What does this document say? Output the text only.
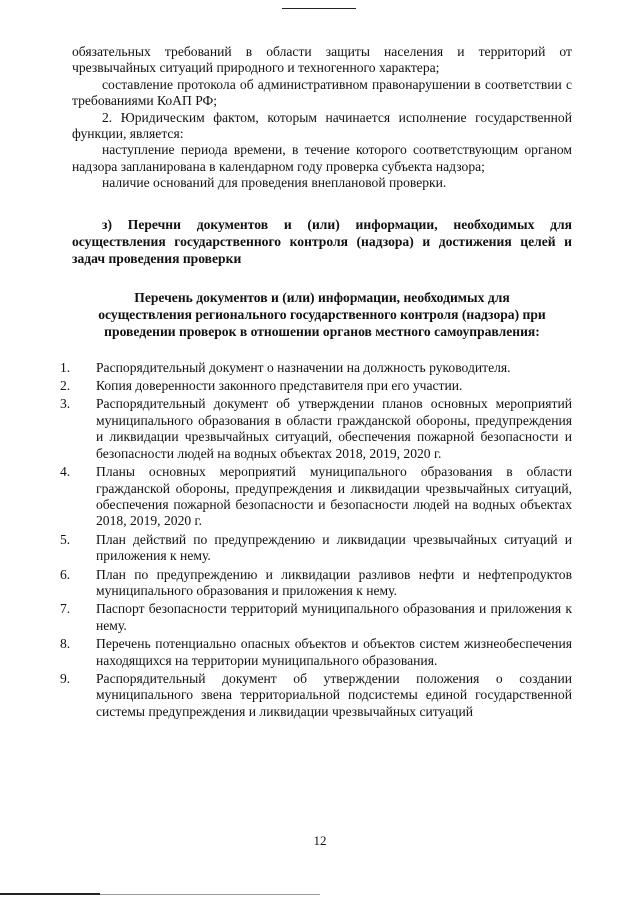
обязательных требований в области защиты населения и территорий от чрезвычайных ситуаций природного и техногенного характера;

составление протокола об административном правонарушении в соответствии с требованиями КоАП РФ;

2. Юридическим фактом, которым начинается исполнение государственной функции, является:

наступление периода времени, в течение которого соответствующим органом надзора запланирована в календарном году проверка субъекта надзора;

наличие оснований для проведения внеплановой проверки.

з) Перечни документов и (или) информации, необходимых для осуществления государственного контроля (надзора) и достижения целей и задач проведения проверки

Перечень документов и (или) информации, необходимых для осуществления регионального государственного контроля (надзора) при проведении проверок в отношении органов местного самоуправления:

1. Распорядительный документ о назначении на должность руководителя.
2. Копия доверенности законного представителя при его участии.
3. Распорядительный документ об утверждении планов основных мероприятий муниципального образования в области гражданской обороны, предупреждения и ликвидации чрезвычайных ситуаций, обеспечения пожарной безопасности и безопасности людей на водных объектах 2018, 2019, 2020 г.
4. Планы основных мероприятий муниципального образования в области гражданской обороны, предупреждения и ликвидации чрезвычайных ситуаций, обеспечения пожарной безопасности и безопасности людей на водных объектах 2018, 2019, 2020 г.
5. План действий по предупреждению и ликвидации чрезвычайных ситуаций и приложения к нему.
6. План по предупреждению и ликвидации разливов нефти и нефтепродуктов муниципального образования и приложения к нему.
7. Паспорт безопасности территорий муниципального образования и приложения к нему.
8. Перечень потенциально опасных объектов и объектов систем жизнеобеспечения находящихся на территории муниципального образования.
9. Распорядительный документ об утверждении положения о создании муниципального звена территориальной подсистемы единой государственной системы предупреждения и ликвидации чрезвычайных ситуаций
12
